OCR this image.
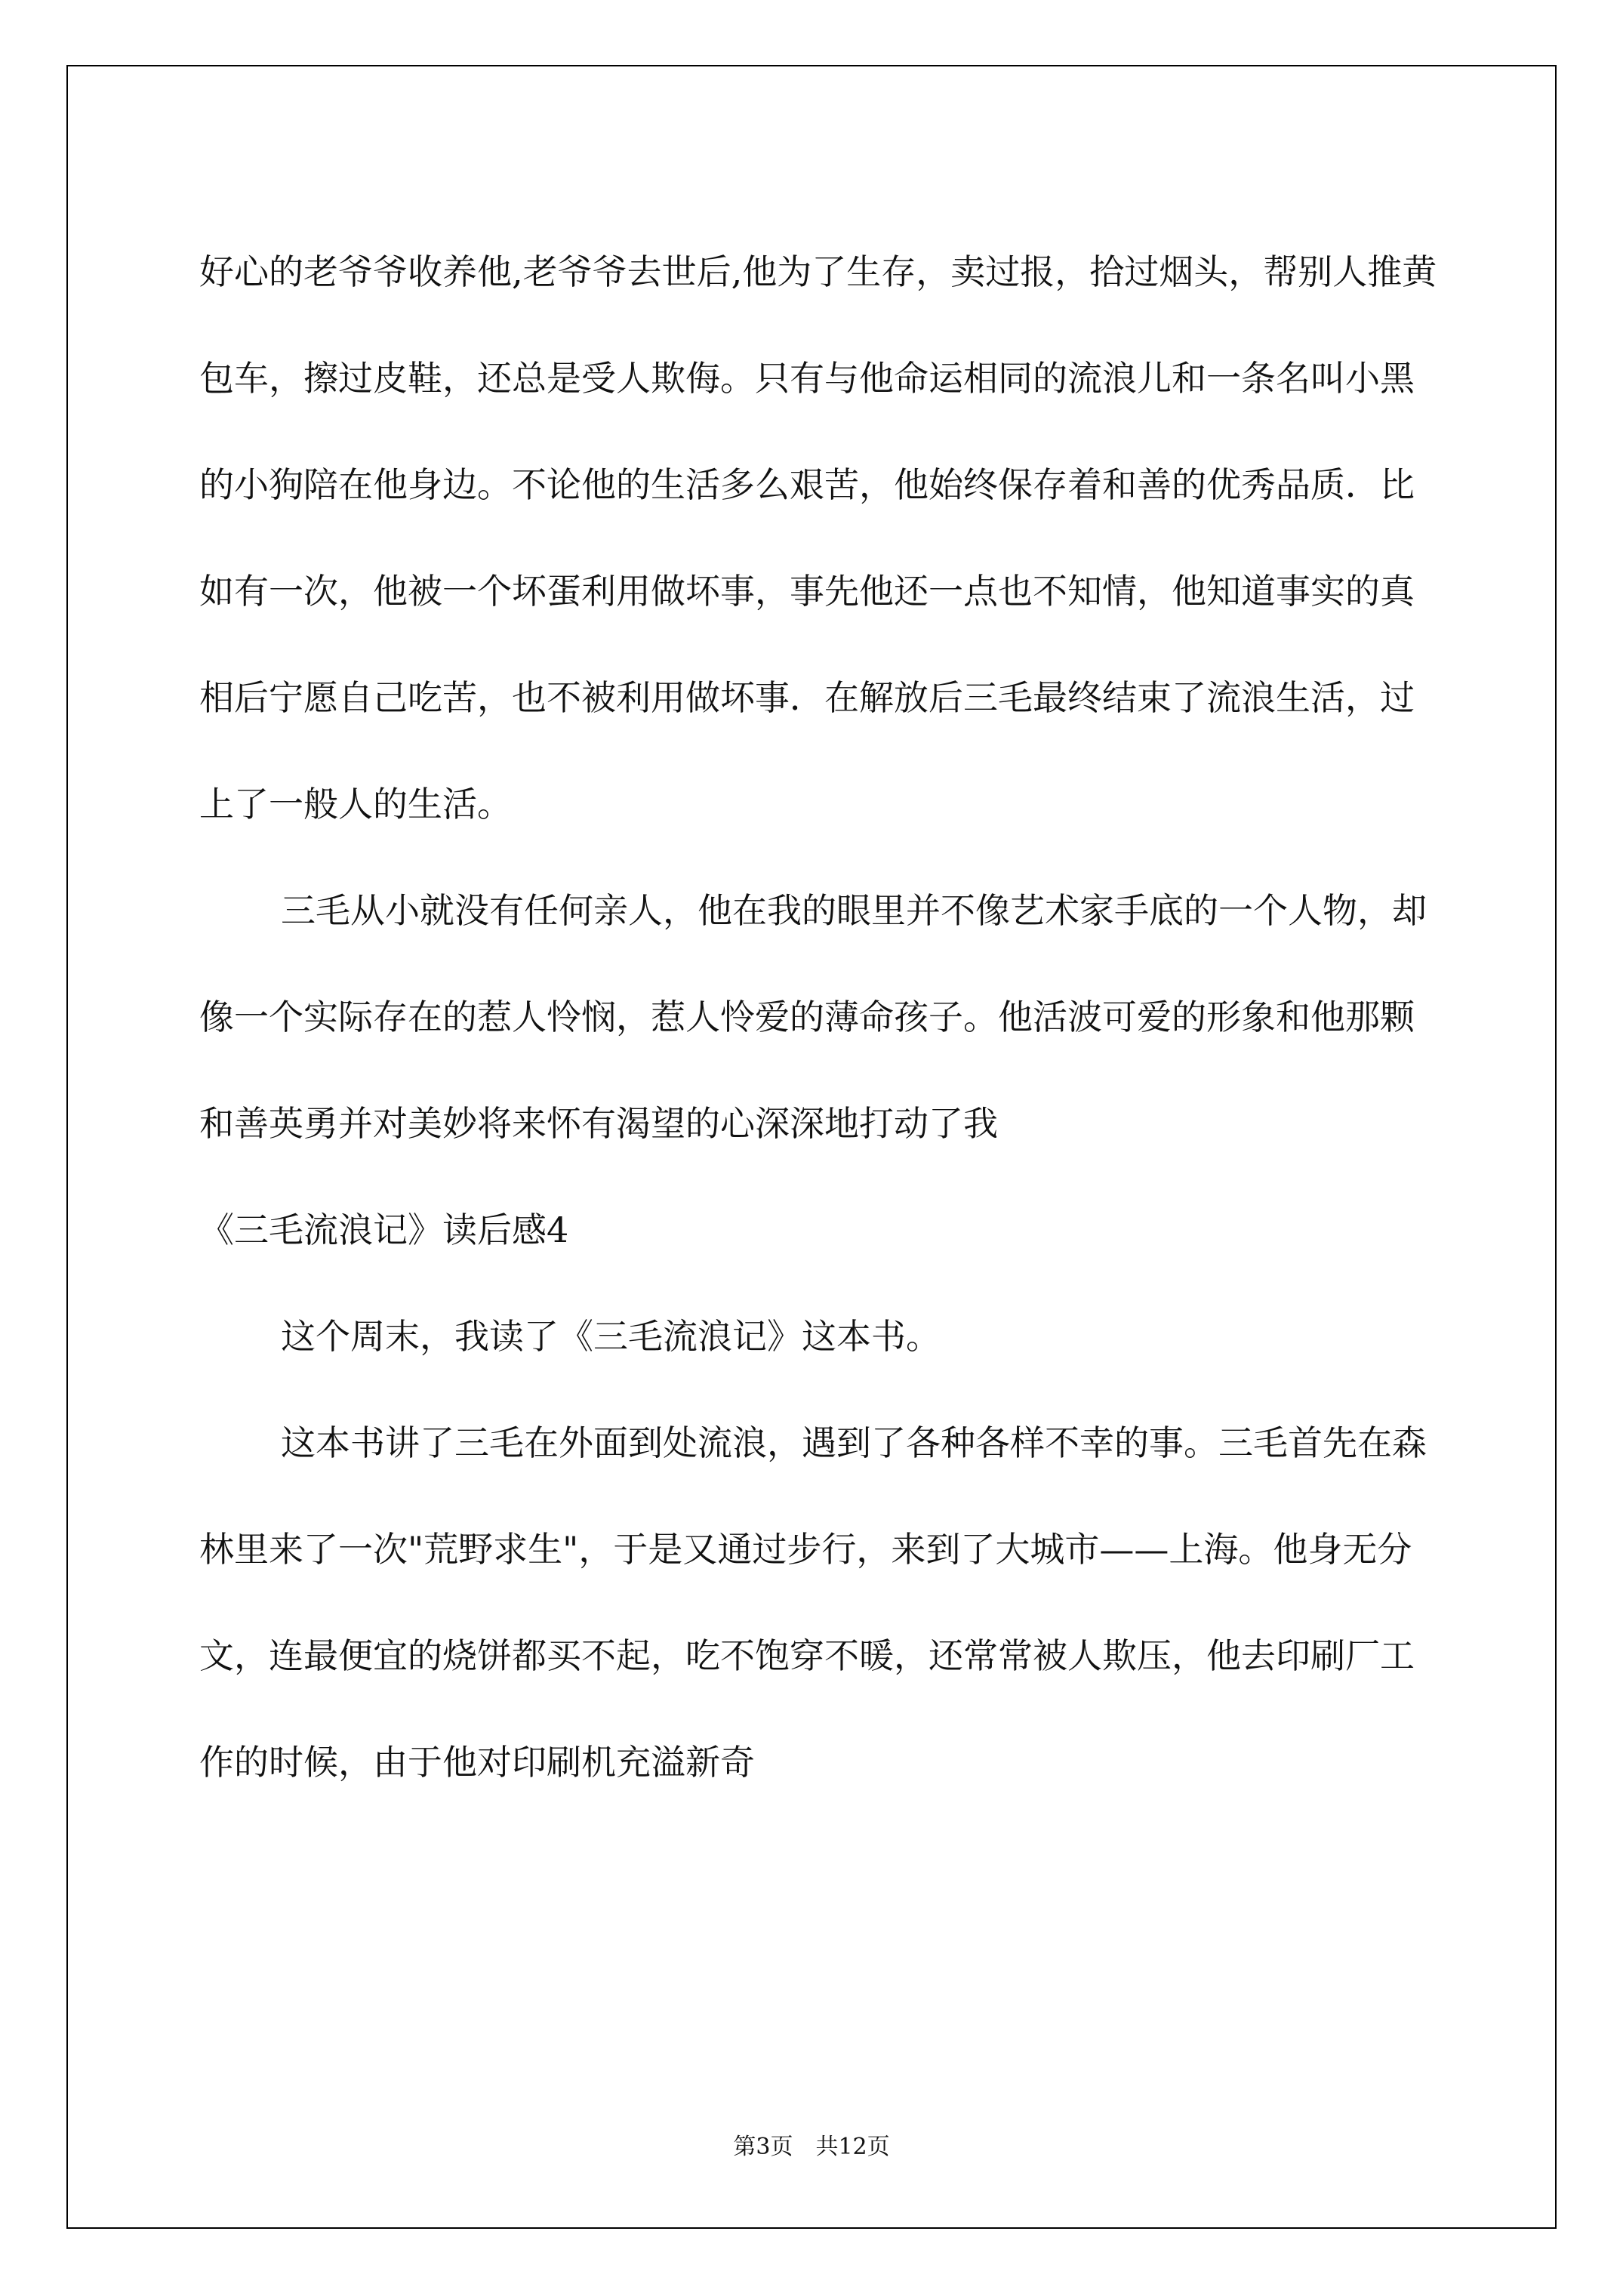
好心的老爷爷收养他,老爷爷去世后,他为了生存，卖过报，拾过烟头，帮别人推黄包车，擦过皮鞋，还总是受人欺侮。只有与他命运相同的流浪儿和一条名叫小黑的小狗陪在他身边。不论他的生活多么艰苦，他始终保存着和善的优秀品质．比如有一次，他被一个坏蛋利用做坏事，事先他还一点也不知情，他知道事实的真相后宁愿自己吃苦，也不被利用做坏事．在解放后三毛最终结束了流浪生活，过上了一般人的生活。

三毛从小就没有任何亲人，他在我的眼里并不像艺术家手底的一个人物，却像一个实际存在的惹人怜悯，惹人怜爱的薄命孩子。他活波可爱的形象和他那颗和善英勇并对美妙将来怀有渴望的心深深地打动了我

《三毛流浪记》读后感4

这个周末，我读了《三毛流浪记》这本书。

这本书讲了三毛在外面到处流浪，遇到了各种各样不幸的事。三毛首先在森林里来了一次"荒野求生"，于是又通过步行，来到了大城市——上海。他身无分文，连最便宜的烧饼都买不起，吃不饱穿不暖，还常常被人欺压，他去印刷厂工作的时候，由于他对印刷机充溢新奇

第3页　共12页
